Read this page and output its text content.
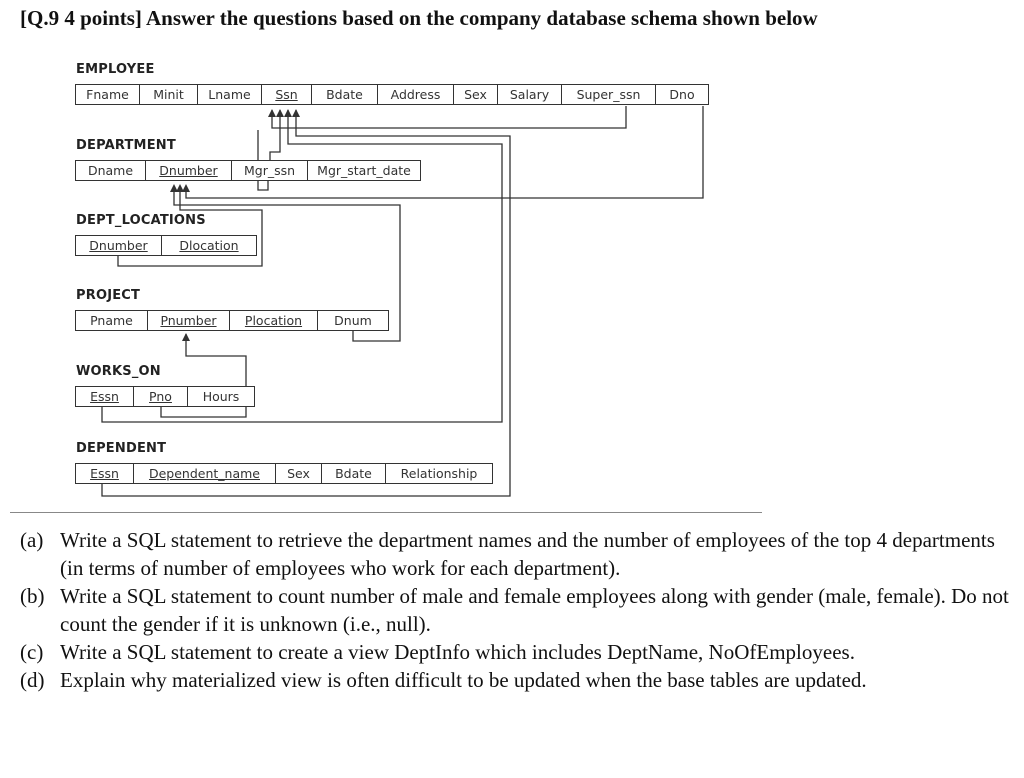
[Q.9 4 points] Answer the questions based on the company database schema shown below
EMPLOYEE
Fname	Minit	Lname	Ssn	Bdate	Address	Sex	Salary	Super_ssn	Dno
DEPARTMENT
Dname	Dnumber	Mgr_ssn	Mgr_start_date
DEPT_LOCATIONS
Dnumber	Dlocation
PROJECT
Pname	Pnumber	Plocation	Dnum
WORKS_ON
Essn	Pno	Hours
DEPENDENT
Essn	Dependent_name	Sex	Bdate	Relationship
(a) Write a SQL statement to retrieve the department names and the number of employees of the top 4 departments (in terms of number of employees who work for each department).
(b) Write a SQL statement to count number of male and female employees along with gender (male, female). Do not count the gender if it is unknown (i.e., null).
(c) Write a SQL statement to create a view DeptInfo which includes DeptName, NoOfEmployees.
(d) Explain why materialized view is often difficult to be updated when the base tables are updated.
